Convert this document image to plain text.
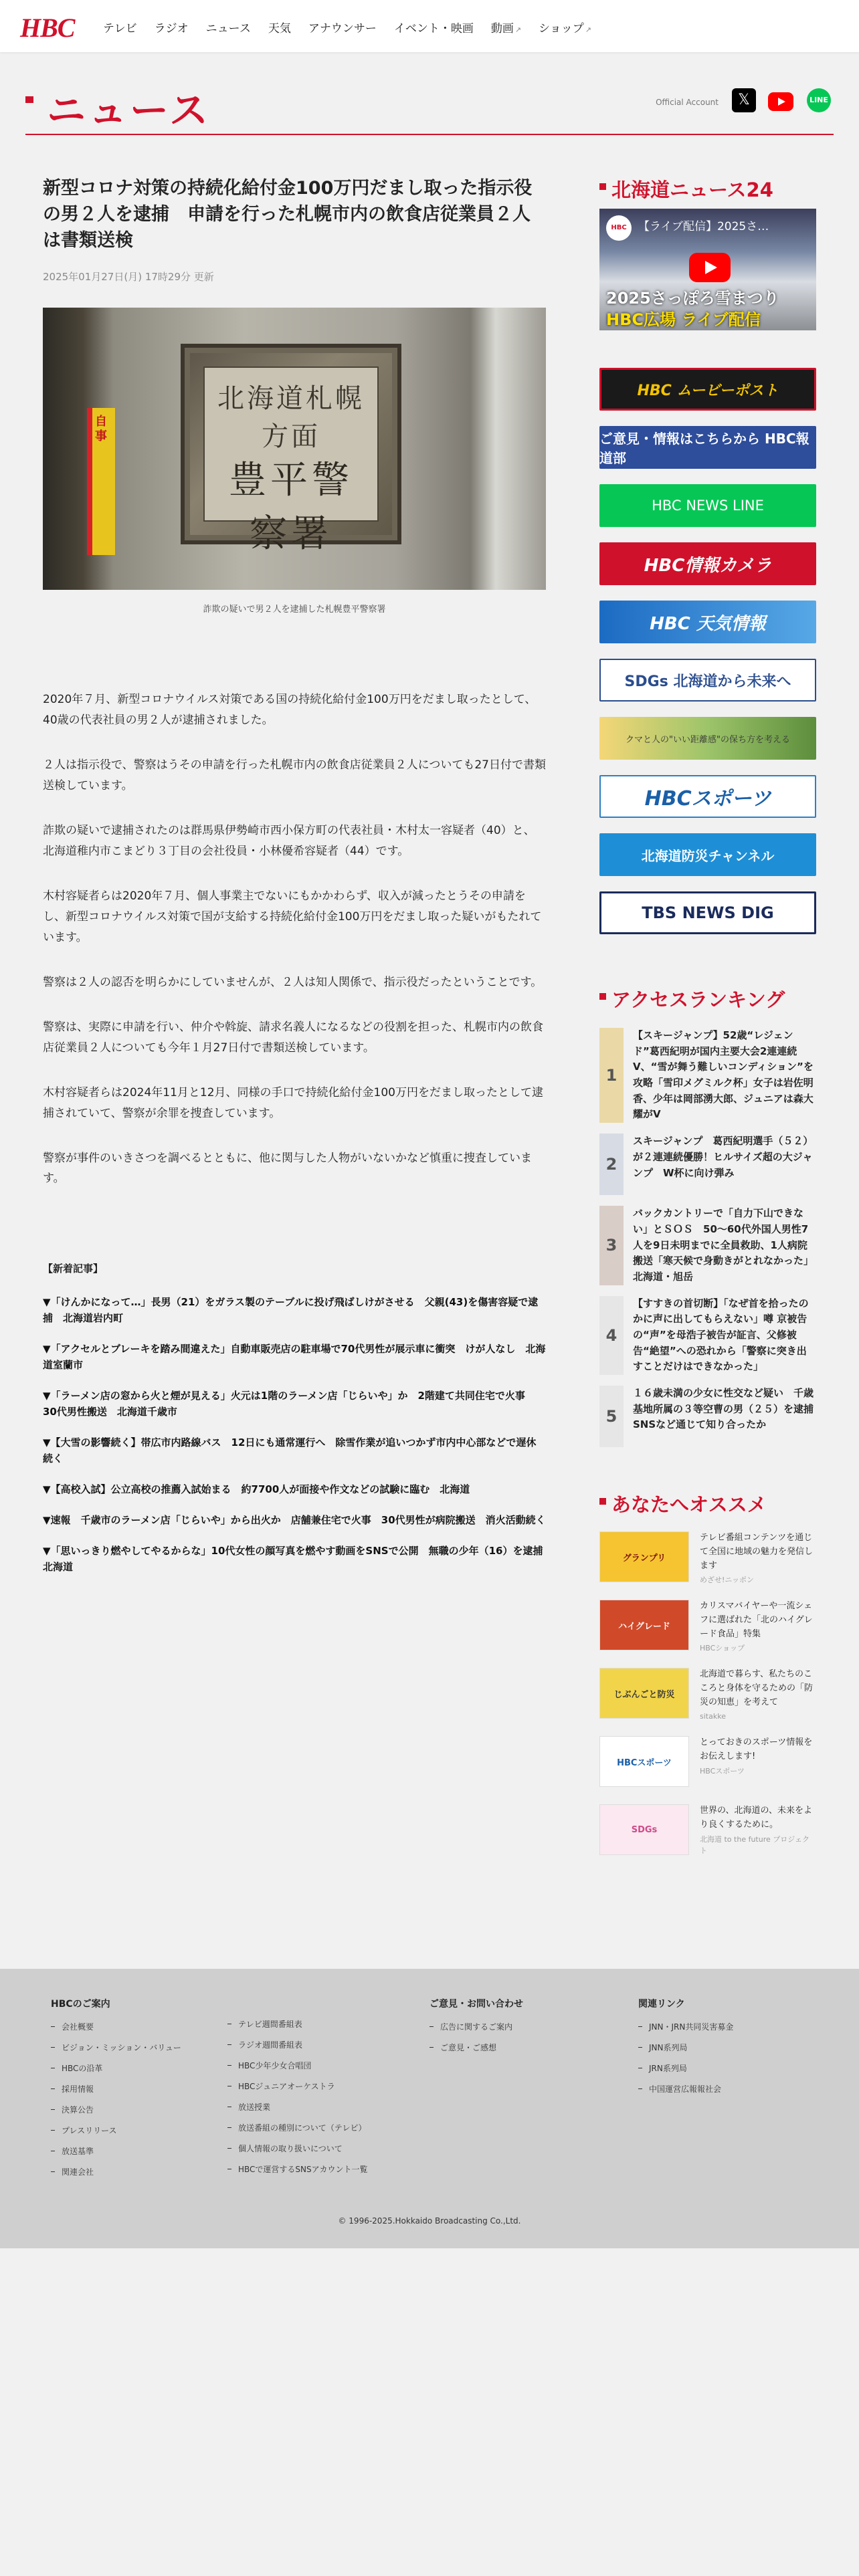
HBC	テレビ ラジオ ニュース 天気 アナウンサー イベント・映画 動画 ↗ ショップ ↗
ニュース	Official Account	𝕏	LINE
新型コロナ対策の持続化給付金100万円だまし取った指示役の男２人を逮捕　申請を行った札幌市内の飲食店従業員２人は書類送検
2025年01月27日(月) 17時29分 更新
自事
北海道札幌方面
豊平警察署
詐欺の疑いで男２人を逮捕した札幌豊平警察署

2020年７月、新型コロナウイルス対策である国の持続化給付金100万円をだまし取ったとして、40歳の代表社員の男２人が逮捕されました。

２人は指示役で、警察はうその申請を行った札幌市内の飲食店従業員２人についても27日付で書類送検しています。

詐欺の疑いで逮捕されたのは群馬県伊勢崎市西小保方町の代表社員・木村太一容疑者（40）と、北海道稚内市こまどり３丁目の会社役員・小林優希容疑者（44）です。

木村容疑者らは2020年７月、個人事業主でないにもかかわらず、収入が減ったとうその申請をし、新型コロナウイルス対策で国が支給する持続化給付金100万円をだまし取った疑いがもたれています。

警察は２人の認否を明らかにしていませんが、２人は知人関係で、指示役だったということです。

警察は、実際に申請を行い、仲介や斡旋、請求名義人になるなどの役割を担った、札幌市内の飲食店従業員２人についても今年１月27日付で書類送検しています。

木村容疑者らは2024年11月と12月、同様の手口で持続化給付金100万円をだまし取ったとして逮捕されていて、警察が余罪を捜査しています。

警察が事件のいきさつを調べるとともに、他に関与した人物がいないかなど慎重に捜査しています。

【新着記事】
▼「けんかになって…」長男（21）をガラス製のテーブルに投げ飛ばしけがさせる　父親(43)を傷害容疑で逮捕　北海道岩内町
▼「アクセルとブレーキを踏み間違えた」自動車販売店の駐車場で70代男性が展示車に衝突　けが人なし　北海道室蘭市
▼「ラーメン店の窓から火と煙が見える」火元は1階のラーメン店「じらいや」か　2階建て共同住宅で火事　30代男性搬送　北海道千歳市
▼【大雪の影響続く】帯広市内路線バス　12日にも通常運行へ　除雪作業が追いつかず市内中心部などで遅休続く
▼【高校入試】公立高校の推薦入試始まる　約7700人が面接や作文などの試験に臨む　北海道
▼速報　千歳市のラーメン店「じらいや」から出火か　店舗兼住宅で火事　30代男性が病院搬送　消火活動続く
▼「思いっきり燃やしてやるからな」10代女性の顔写真を燃やす動画をSNSで公開　無職の少年（16）を逮捕　北海道
北海道ニュース24
HBC	【ライブ配信】2025さ…
2025さっぽろ雪まつり
HBC広場 ライブ配信
HBC ムービーポスト
ご意見・情報はこちらから HBC報道部
HBC NEWS LINE
HBC情報カメラ
HBC 天気情報
SDGs 北海道から未来へ
クマと人の"いい距離感"の保ち方を考える
HBCスポーツ
北海道防災チャンネル
TBS NEWS DIG
アクセスランキング
1
【スキージャンプ】52歳“レジェンド”葛西紀明が国内主要大会2連連続V、“雪が舞う難しいコンディション”を攻略「雪印メグミルク杯」女子は岩佐明香、少年は岡部湧大郎、ジュニアは森大耀がV
2
スキージャンプ　葛西紀明選手（５２）が２連連続優勝！ヒルサイズ超の大ジャンプ　W杯に向け弾み
3
バックカントリーで「自力下山できない」とＳＯＳ　50～60代外国人男性7人を9日未明までに全員救助、1人病院搬送「寒天候で身動きがとれなかった」北海道・旭岳
4
【すすきの首切断】「なぜ首を拾ったのかに声に出してもらえない」噂 京被告の“声”を母浩子被告が証言、父修被告“絶望”への恐れから「警察に突き出すことだけはできなかった」
5
１６歳未満の少女に性交など疑い　千歳基地所属の３等空曹の男（２５）を逮捕　SNSなど通じて知り合ったか
あなたへオススメ
グランプリ
テレビ番組コンテンツを通じて全国に地域の魅力を発信します
めざせ!ニッポン
ハイグレード
カリスマバイヤーや一流シェフに選ばれた「北のハイグレード食品」特集
HBCショップ
じぶんごと防災
北海道で暮らす、私たちのこころと身体を守るための「防災の知恵」を考えて
sitakke
HBCスポーツ
とっておきのスポーツ情報をお伝えします!
HBCスポーツ
SDGs
世界の、北海道の、未来をより良くするために。
北海道 to the future プロジェクト
HBCのご案内
会社概要
ビジョン・ミッション・バリュー
HBCの沿革
採用情報
決算公告
プレスリリース
放送基準
関連会社
テレビ週間番組表
ラジオ週間番組表
HBC少年少女合唱団
HBCジュニアオーケストラ
放送授業
放送番組の種別について（テレビ）
個人情報の取り扱いについて
HBCで運営するSNSアカウント一覧
ご意見・お問い合わせ
広告に関するご案内
ご意見・ご感想
関連リンク
JNN・JRN共同災害募金
JNN系列局
JRN系列局
中国運営広報報社会
© 1996-2025.Hokkaido Broadcasting Co.,Ltd.
